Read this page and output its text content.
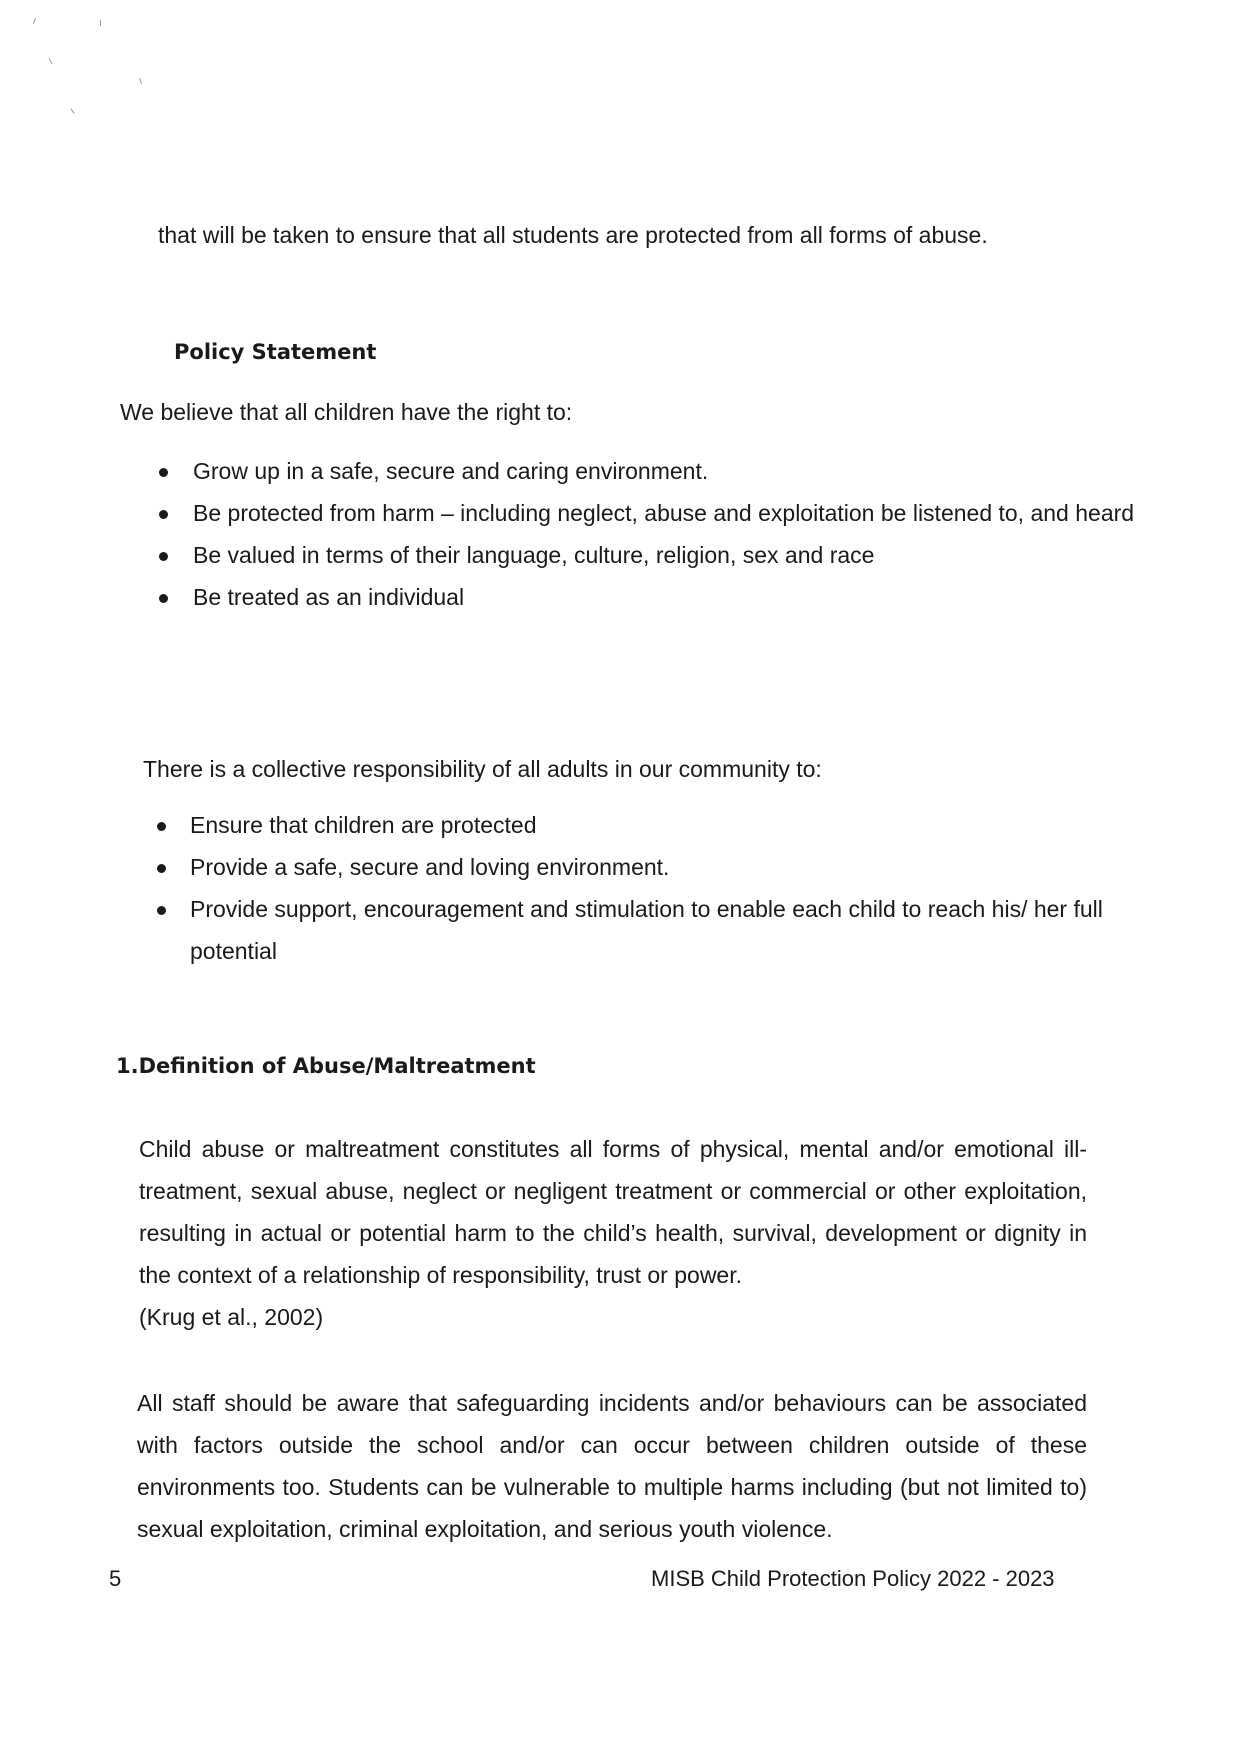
that will be taken to ensure that all students are protected from all forms of abuse.
Policy Statement
We believe that all children have the right to:
Grow up in a safe, secure and caring environment.
Be protected from harm – including neglect, abuse and exploitation be listened to, and heard
Be valued in terms of their language, culture, religion, sex and race
Be treated as an individual
There is a collective responsibility of all adults in our community to:
Ensure that children are protected
Provide a safe, secure and loving environment.
Provide support, encouragement and stimulation to enable each child to reach his/ her full potential
1.Definition of Abuse/Maltreatment
Child abuse or maltreatment constitutes all forms of physical, mental and/or emotional ill-treatment, sexual abuse, neglect or negligent treatment or commercial or other exploitation, resulting in actual or potential harm to the child’s health, survival, development or dignity in the context of a relationship of responsibility, trust or power.
(Krug et al., 2002)
All staff should be aware that safeguarding incidents and/or behaviours can be associated with factors outside the school and/or can occur between children outside of these environments too. Students can be vulnerable to multiple harms including (but not limited to) sexual exploitation, criminal exploitation, and serious youth violence.
5	MISB Child Protection Policy 2022 - 2023
